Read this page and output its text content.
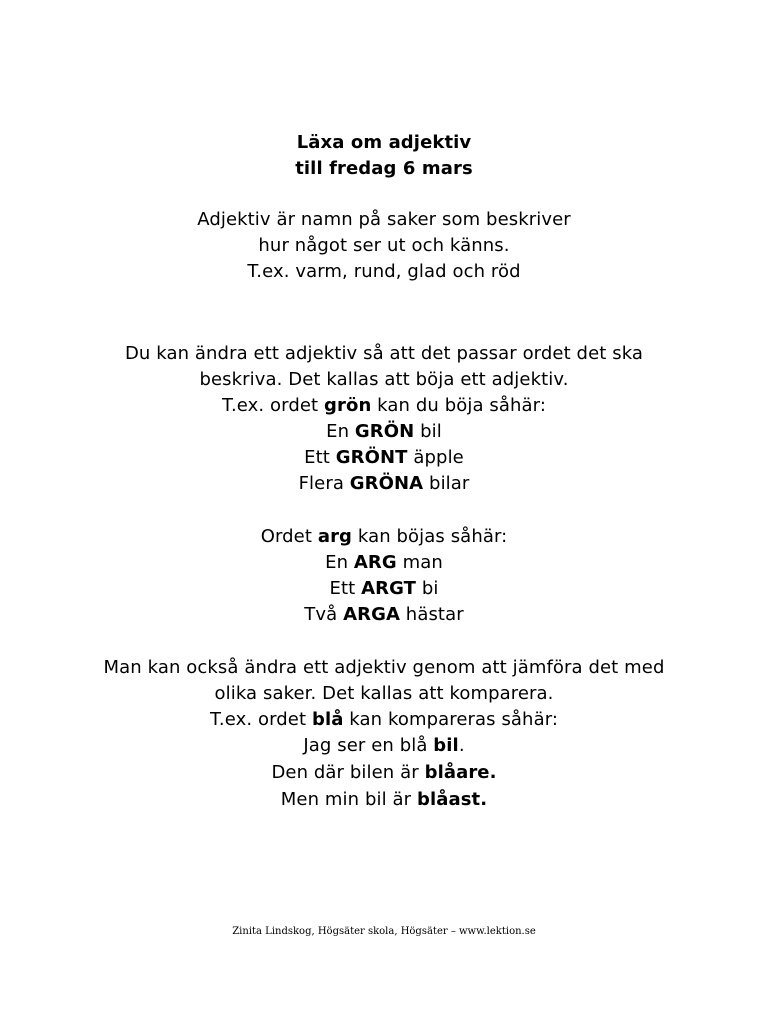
Läxa om adjektiv
till fredag 6 mars
Adjektiv är namn på saker som beskriver
hur något ser ut och känns.
T.ex. varm, rund, glad och röd
Du kan ändra ett adjektiv så att det passar ordet det ska
beskriva. Det kallas att böja ett adjektiv.
T.ex. ordet grön kan du böja såhär:
En GRÖN bil
Ett GRÖNT äpple
Flera GRÖNA bilar
Ordet arg kan böjas såhär:
En ARG man
Ett ARGT bi
Två ARGA hästar
Man kan också ändra ett adjektiv genom att jämföra det med
olika saker. Det kallas att komparera.
T.ex. ordet blå kan kompareras såhär:
Jag ser en blå bil.
Den där bilen är blåare.
Men min bil är blåast.
Zinita Lindskog, Högsäter skola, Högsäter – www.lektion.se
